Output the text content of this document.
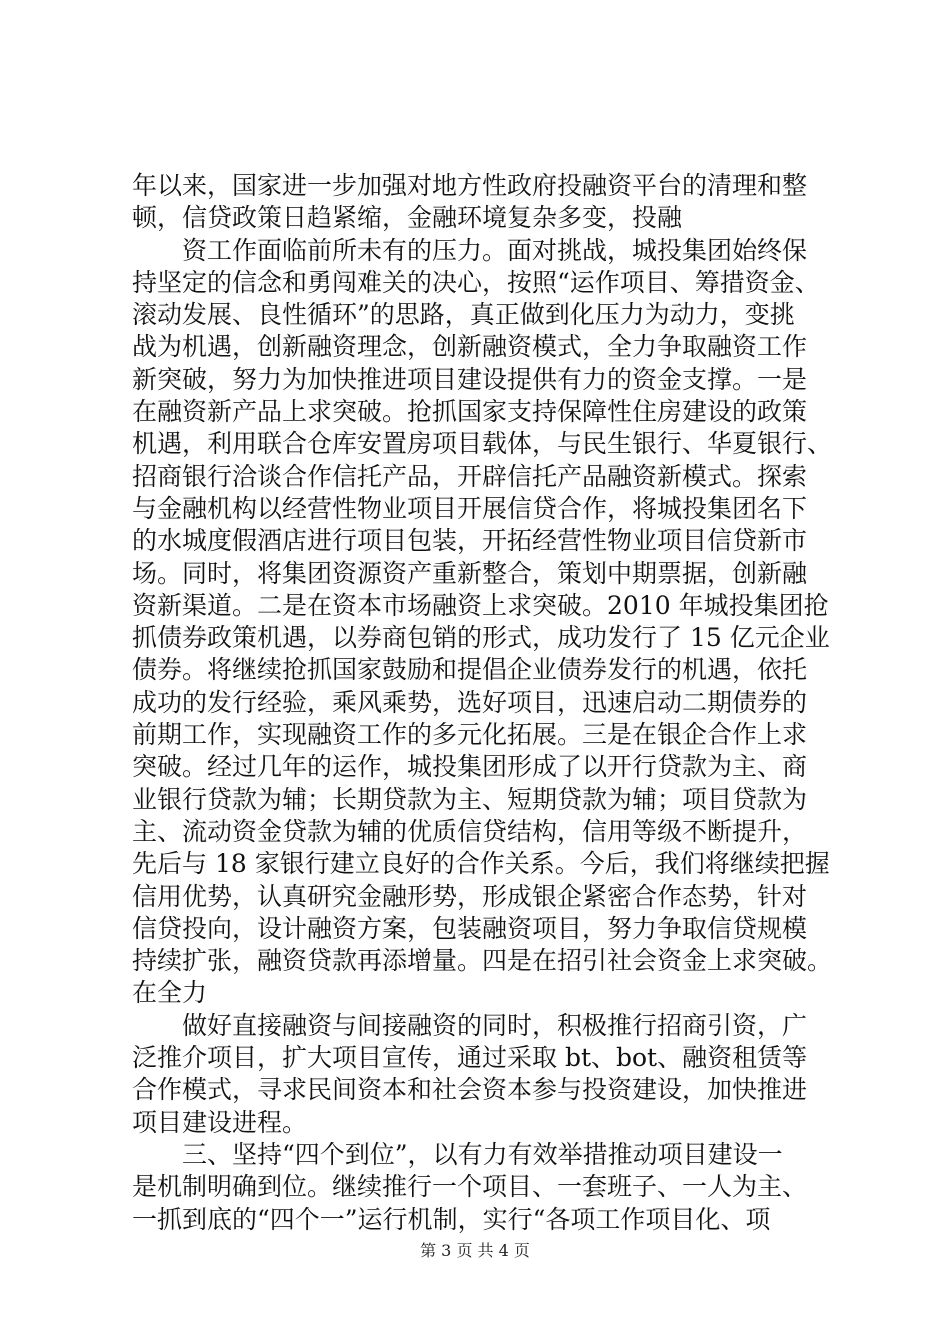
年以来，国家进一步加强对地方性政府投融资平台的清理和整
顿，信贷政策日趋紧缩，金融环境复杂多变，投融
　　资工作面临前所未有的压力。面对挑战，城投集团始终保
持坚定的信念和勇闯难关的决心，按照“运作项目、筹措资金、
滚动发展、良性循环”的思路，真正做到化压力为动力，变挑
战为机遇，创新融资理念，创新融资模式，全力争取融资工作
新突破，努力为加快推进项目建设提供有力的资金支撑。一是
在融资新产品上求突破。抢抓国家支持保障性住房建设的政策
机遇，利用联合仓库安置房项目载体，与民生银行、华夏银行、
招商银行洽谈合作信托产品，开辟信托产品融资新模式。探索
与金融机构以经营性物业项目开展信贷合作，将城投集团名下
的水城度假酒店进行项目包装，开拓经营性物业项目信贷新市
场。同时，将集团资源资产重新整合，策划中期票据，创新融
资新渠道。二是在资本市场融资上求突破。2010 年城投集团抢
抓债券政策机遇，以券商包销的形式，成功发行了 15 亿元企业
债券。将继续抢抓国家鼓励和提倡企业债券发行的机遇，依托
成功的发行经验，乘风乘势，选好项目，迅速启动二期债券的
前期工作，实现融资工作的多元化拓展。三是在银企合作上求
突破。经过几年的运作，城投集团形成了以开行贷款为主、商
业银行贷款为辅；长期贷款为主、短期贷款为辅；项目贷款为
主、流动资金贷款为辅的优质信贷结构，信用等级不断提升，
先后与 18 家银行建立良好的合作关系。今后，我们将继续把握
信用优势，认真研究金融形势，形成银企紧密合作态势，针对
信贷投向，设计融资方案，包装融资项目，努力争取信贷规模
持续扩张，融资贷款再添增量。四是在招引社会资金上求突破。
在全力
　　做好直接融资与间接融资的同时，积极推行招商引资，广
泛推介项目，扩大项目宣传，通过采取 bt、bot、融资租赁等
合作模式，寻求民间资本和社会资本参与投资建设，加快推进
项目建设进程。
　　三、坚持“四个到位”，以有力有效举措推动项目建设一
是机制明确到位。继续推行一个项目、一套班子、一人为主、
一抓到底的“四个一”运行机制，实行“各项工作项目化、项
第 3 页 共 4 页
